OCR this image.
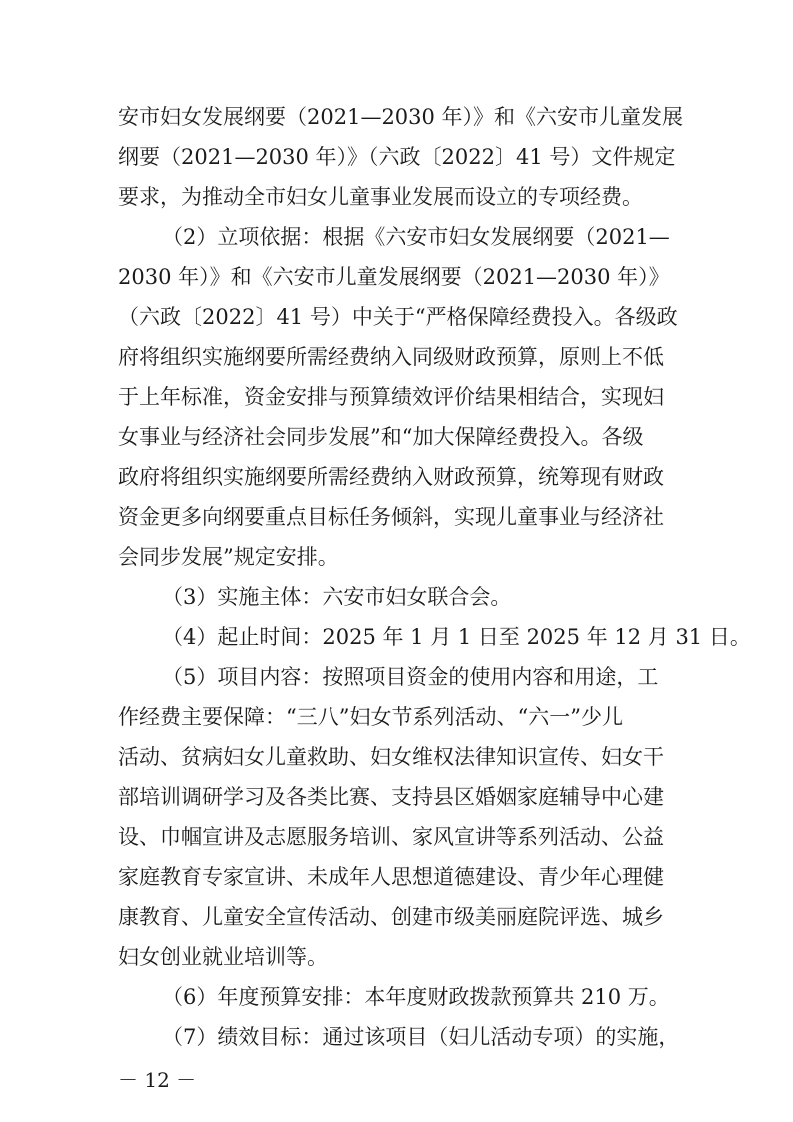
安市妇女发展纲要（2021—2030 年）》和《六安市儿童发展
纲要（2021—2030 年）》（六政〔2022〕41 号）文件规定
要求，为推动全市妇女儿童事业发展而设立的专项经费。
（2）立项依据：根据《六安市妇女发展纲要（2021—
2030 年）》和《六安市儿童发展纲要（2021—2030 年）》
（六政〔2022〕41 号）中关于“严格保障经费投入。各级政
府将组织实施纲要所需经费纳入同级财政预算，原则上不低
于上年标准，资金安排与预算绩效评价结果相结合，实现妇
女事业与经济社会同步发展”和“加大保障经费投入。各级
政府将组织实施纲要所需经费纳入财政预算，统筹现有财政
资金更多向纲要重点目标任务倾斜，实现儿童事业与经济社
会同步发展”规定安排。
（3）实施主体：六安市妇女联合会。
（4）起止时间：2025 年 1 月 1 日至 2025 年 12 月 31 日。
（5）项目内容：按照项目资金的使用内容和用途，工
作经费主要保障：“三八”妇女节系列活动、“六一”少儿
活动、贫病妇女儿童救助、妇女维权法律知识宣传、妇女干
部培训调研学习及各类比赛、支持县区婚姻家庭辅导中心建
设、巾帼宣讲及志愿服务培训、家风宣讲等系列活动、公益
家庭教育专家宣讲、未成年人思想道德建设、青少年心理健
康教育、儿童安全宣传活动、创建市级美丽庭院评选、城乡
妇女创业就业培训等。
（6）年度预算安排：本年度财政拨款预算共 210 万。
（7）绩效目标：通过该项目（妇儿活动专项）的实施，
－ 12 －
